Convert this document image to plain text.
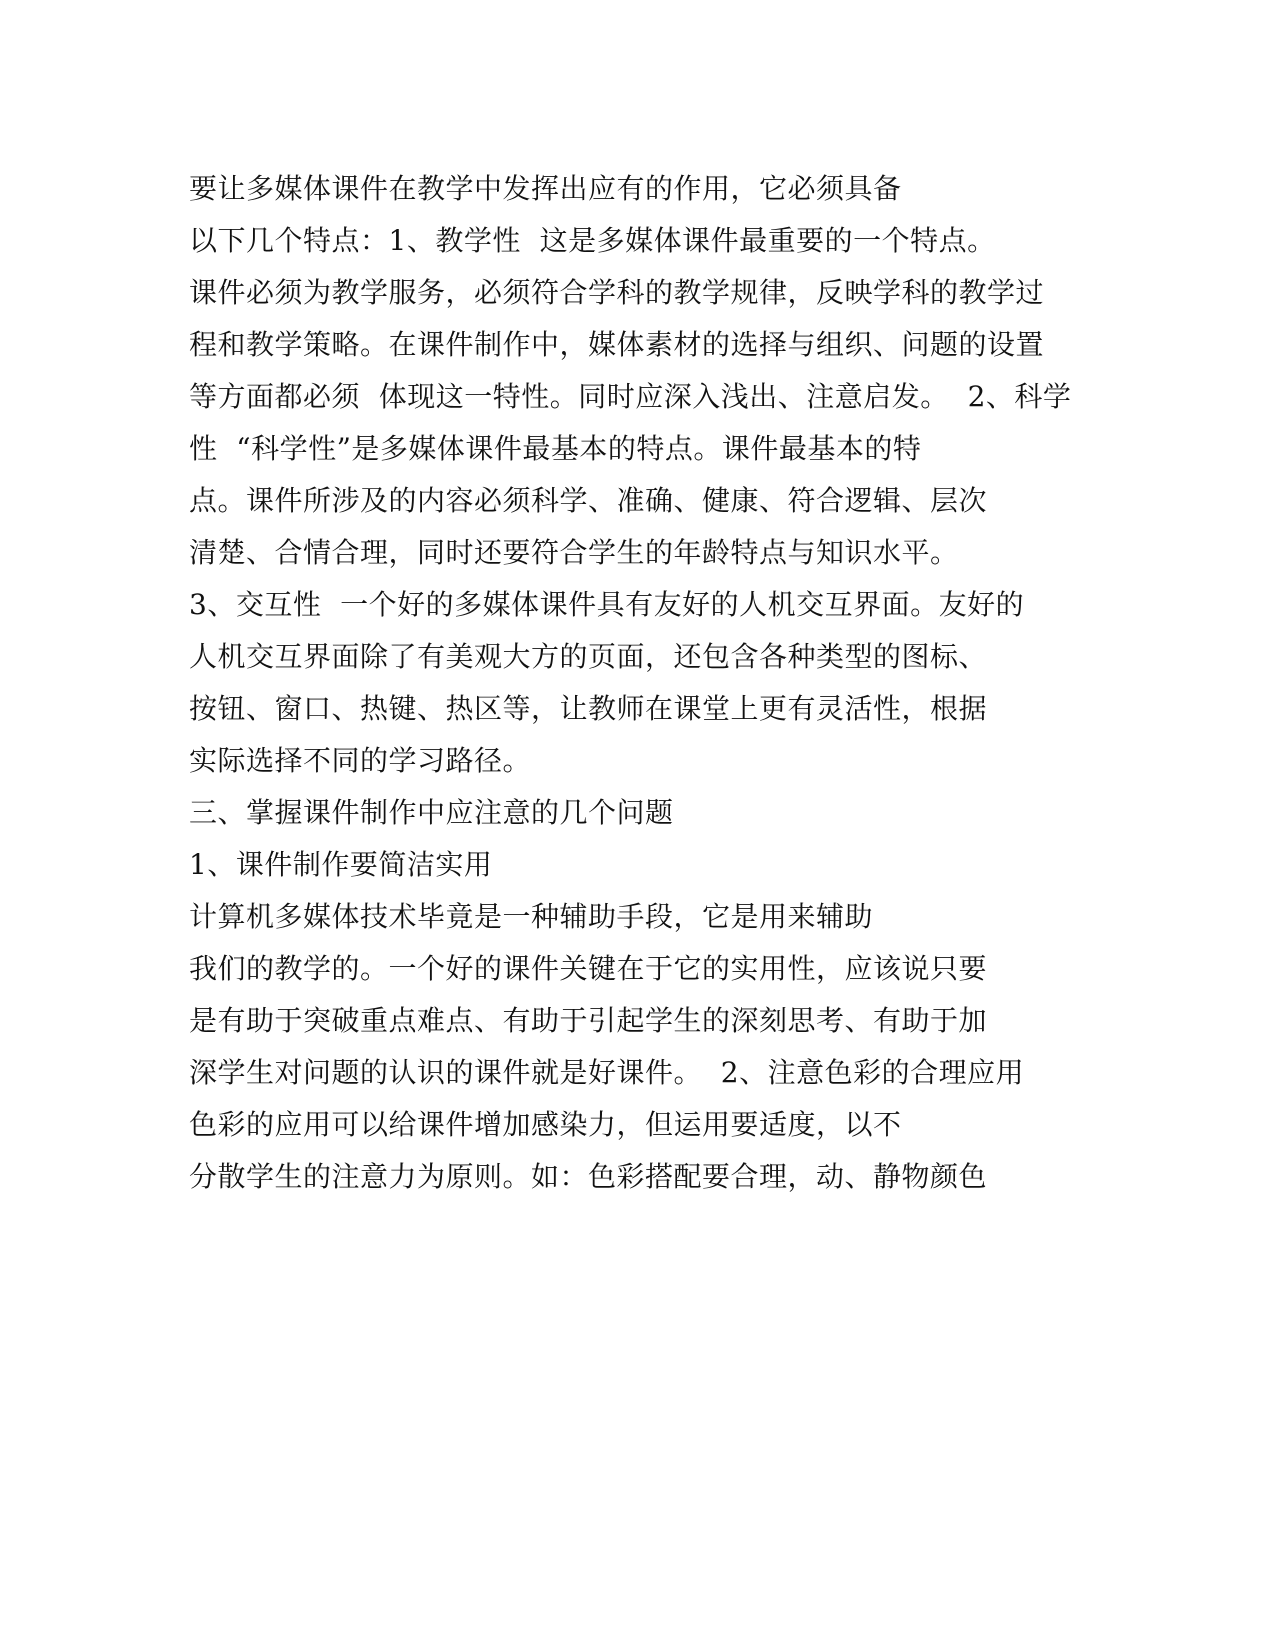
要让多媒体课件在教学中发挥出应有的作用，它必须具备
以下几个特点：1、教学性  这是多媒体课件最重要的一个特点。
课件必须为教学服务，必须符合学科的教学规律，反映学科的教学过
程和教学策略。在课件制作中，媒体素材的选择与组织、问题的设置
等方面都必须  体现这一特性。同时应深入浅出、注意启发。  2、科学
性  “科学性”是多媒体课件最基本的特点。课件最基本的特
点。课件所涉及的内容必须科学、准确、健康、符合逻辑、层次
清楚、合情合理，同时还要符合学生的年龄特点与知识水平。
3、交互性  一个好的多媒体课件具有友好的人机交互界面。友好的
人机交互界面除了有美观大方的页面，还包含各种类型的图标、
按钮、窗口、热键、热区等，让教师在课堂上更有灵活性，根据
实际选择不同的学习路径。
三、掌握课件制作中应注意的几个问题
1、课件制作要简洁实用
计算机多媒体技术毕竟是一种辅助手段，它是用来辅助
我们的教学的。一个好的课件关键在于它的实用性，应该说只要
是有助于突破重点难点、有助于引起学生的深刻思考、有助于加
深学生对问题的认识的课件就是好课件。  2、注意色彩的合理应用
色彩的应用可以给课件增加感染力，但运用要适度，以不
分散学生的注意力为原则。如：色彩搭配要合理，动、静物颜色
